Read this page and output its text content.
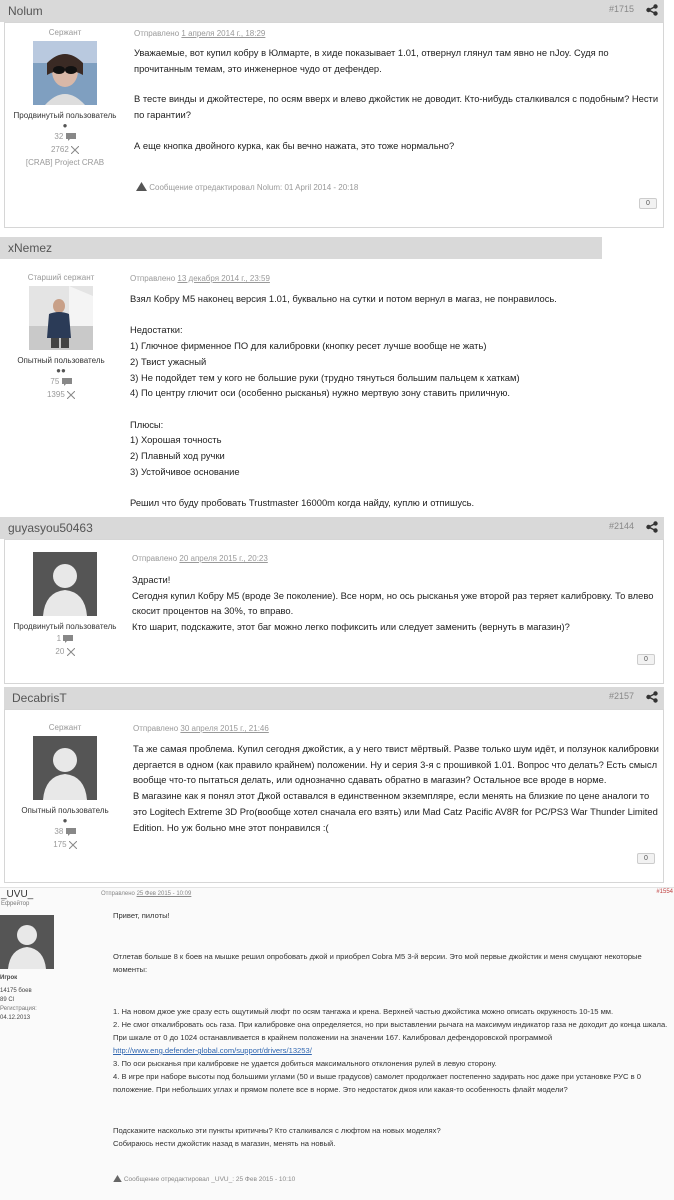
Nolum	#1715
Сержант
Продвинутый пользователь
●
32
2762
[CRAB] Project CRAB
Отправлено 1 апреля 2014 г., 18:29

Уважаемые, вот купил кобру в Юлмарте, в хиде показывает 1.01, отвернул глянул там явно не nJoy. Судя по прочитанным темам, это инженерное чудо от дефендер.

В тесте винды и джойтестере, по осям вверх и влево джойстик не доводит. Кто-нибудь сталкивался с подобным? Нести по гарантии?

А еще кнопка двойного курка, как бы вечно нажата, это тоже нормально?

Сообщение отредактировал Nolum: 01 April 2014 - 20:18
0
xNemez
Старший сержант
Опытный пользователь
●●
75
1395
Отправлено 13 декабря 2014 г., 23:59

Взял Кобру М5 наконец версия 1.01, буквально на сутки и потом вернул в магаз, не понравилось.

Недостатки:
1) Глючное фирменное ПО для калибровки (кнопку ресет лучше вообще не жать)
2) Твист ужасный
3) Не подойдет тем у кого не большие руки (трудно тянуться большим пальцем к хаткам)
4) По центру глючит оси (особенно рысканья) нужно мертвую зону ставить приличную.

Плюсы:
1) Хорошая точность
2) Плавный ход ручки
3) Устойчивое основание

Решил что буду пробовать Trustmaster 16000m когда найду, куплю и отпишусь.

guyasyou50463	#2144
Продвинутый пользователь
1
20
Отправлено 20 апреля 2015 г., 20:23

Здрасти!
Сегодня купил Кобру М5 (вроде 3е поколение). Все норм, но ось рысканья уже второй раз теряет калибровку. То влево скосит процентов на 30%, то вправо.
Кто шарит, подскажите, этот баг можно легко пофиксить или следует заменить (вернуть в магазин)?

0
DecabrisT	#2157
Сержант
Опытный пользователь
●
38
175
Отправлено 30 апреля 2015 г., 21:46

Та же самая проблема. Купил сегодня джойстик, а у него твист мёртвый. Разве только шум идёт, и ползунок калибровки дергается в одном (как правило крайнем) положении. Ну и серия 3-я с прошивкой 1.01. Вопрос что делать? Есть смысл вообще что-то пытаться делать, или однозначно сдавать обратно в магазин? Остальное все вроде в норме.
В магазине как я понял этот Джой оставался в единственном экземпляре, если менять на близкие по цене аналоги то это Logitech Extreme 3D Pro(вообще хотел сначала его взять) или Mad Catz Pacific AV8R for PC/PS3 War Thunder Limited Edition. Но уж больно мне этот понравился :(

0
_UVU_
Ефрейтор
Отправлено 25 Фев 2015 - 10:09	#1554
Игрок
14175 боев
89 Cl
Регистрация:
04.12.2013
Привет, пилоты!
Отлетав больше 8 к боев на мышке решил опробовать джой и приобрел Cobra M5 3-й версии. Это мой первые джойстик и меня смущают некоторые моменты:
1. На новом джое уже сразу есть ощутимый люфт по осям тангажа и крена. Верхней частью джойстика можно описать окружность 10-15 мм.
2. Не смог откалибровать ось газа. При калибровке она определяется, но при выставлении рычага на максимум индикатор газа не доходит до конца шкала. При шкале от 0 до 1024 останавливается в крайнем положении на значении 167. Калибровал дефендоровской программой
http://www.eng.defender-global.com/support/drivers/13253/
3. По оси рысканья при калибровке не удается добиться максимального отклонения рулей в левую сторону.
4. В игре при наборе высоты под большими углами (50 и выше градусов) самолет продолжает постепенно задирать нос даже при установке РУС в 0 положение. При небольших углах и прямом полете все в норме. Это недостаток джоя или какая-то особенность флайт модели?
Подскажите насколько эти пункты критичны? Кто сталкивался с люфтом на новых моделях?
Собираюсь нести джойстик назад в магазин, менять на новый.
Сообщение отредактировал _UVU_: 25 Фев 2015 - 10:10
